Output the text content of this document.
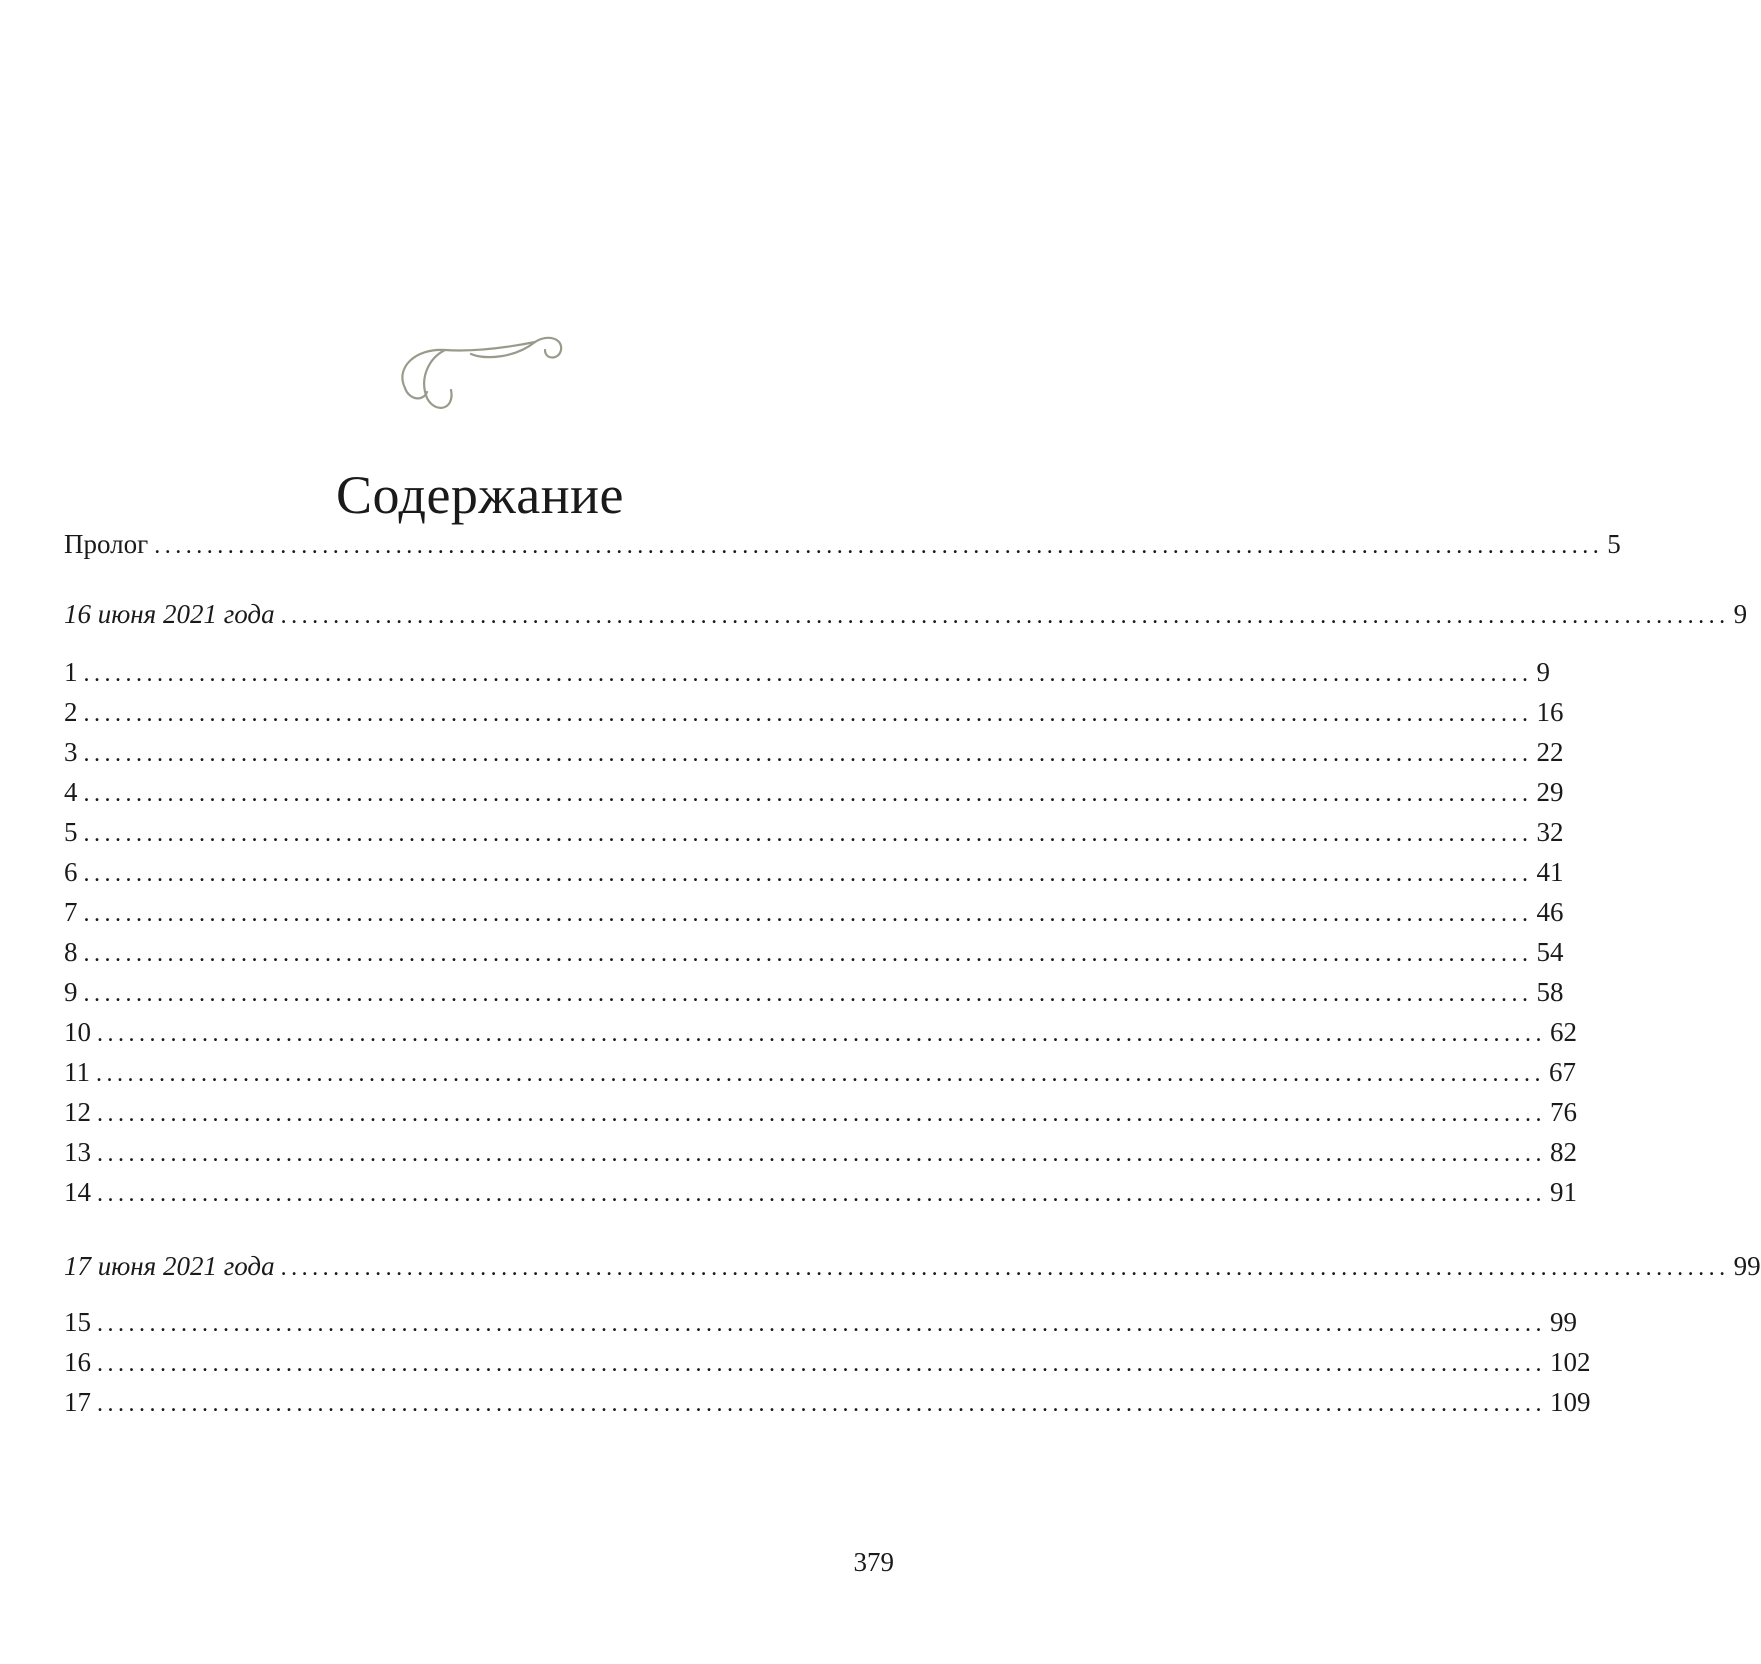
Содержание
Пролог .......................................................................................................................................... 5
16 июня 2021 года .......................................................................................................................................... 9
1 .......................................................................................................................................... 9
2 .......................................................................................................................................... 16
3 .......................................................................................................................................... 22
4 .......................................................................................................................................... 29
5 .......................................................................................................................................... 32
6 .......................................................................................................................................... 41
7 .......................................................................................................................................... 46
8 .......................................................................................................................................... 54
9 .......................................................................................................................................... 58
10 .......................................................................................................................................... 62
11 .......................................................................................................................................... 67
12 .......................................................................................................................................... 76
13 .......................................................................................................................................... 82
14 .......................................................................................................................................... 91
17 июня 2021 года .......................................................................................................................................... 99
15 .......................................................................................................................................... 99
16 .......................................................................................................................................... 102
17 .......................................................................................................................................... 109
379
